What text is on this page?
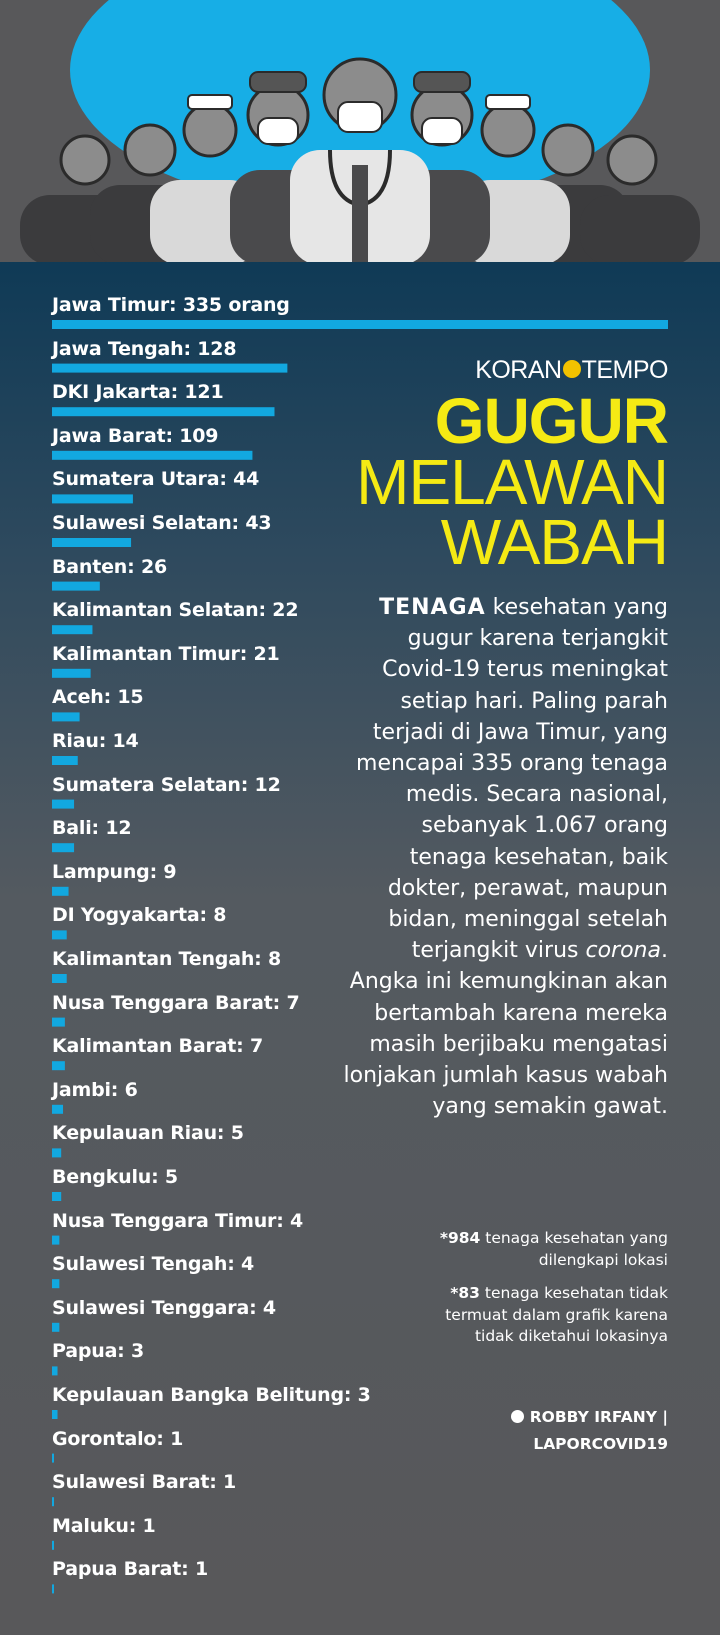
Jawa Timur: 335 orang
Jawa Tengah: 128
DKI Jakarta: 121
Jawa Barat: 109
Sumatera Utara: 44
Sulawesi Selatan: 43
Banten: 26
Kalimantan Selatan: 22
Kalimantan Timur: 21
Aceh: 15
Riau: 14
Sumatera Selatan: 12
Bali: 12
Lampung: 9
DI Yogyakarta: 8
Kalimantan Tengah: 8
Nusa Tenggara Barat: 7
Kalimantan Barat: 7
Jambi: 6
Kepulauan Riau: 5
Bengkulu: 5
Nusa Tenggara Timur: 4
Sulawesi Tengah: 4
Sulawesi Tenggara: 4
Papua: 3
Kepulauan Bangka Belitung: 3
Gorontalo: 1
Sulawesi Barat: 1
Maluku: 1
Papua Barat: 1
KORAN TEMPO
GUGUR
MELAWAN
WABAH
TENAGA kesehatan yang gugur karena terjangkit Covid-19 terus meningkat setiap hari. Paling parah terjadi di Jawa Timur, yang mencapai 335 orang tenaga medis. Secara nasional, sebanyak 1.067 orang tenaga kesehatan, baik dokter, perawat, maupun bidan, meninggal setelah terjangkit virus corona. Angka ini kemungkinan akan bertambah karena mereka masih berjibaku mengatasi lonjakan jumlah kasus wabah yang semakin gawat.
*984 tenaga kesehatan yang dilengkapi lokasi
*83 tenaga kesehatan tidak termuat dalam grafik karena tidak diketahui lokasinya
ROBBY IRFANY |
LAPORCOVID19
